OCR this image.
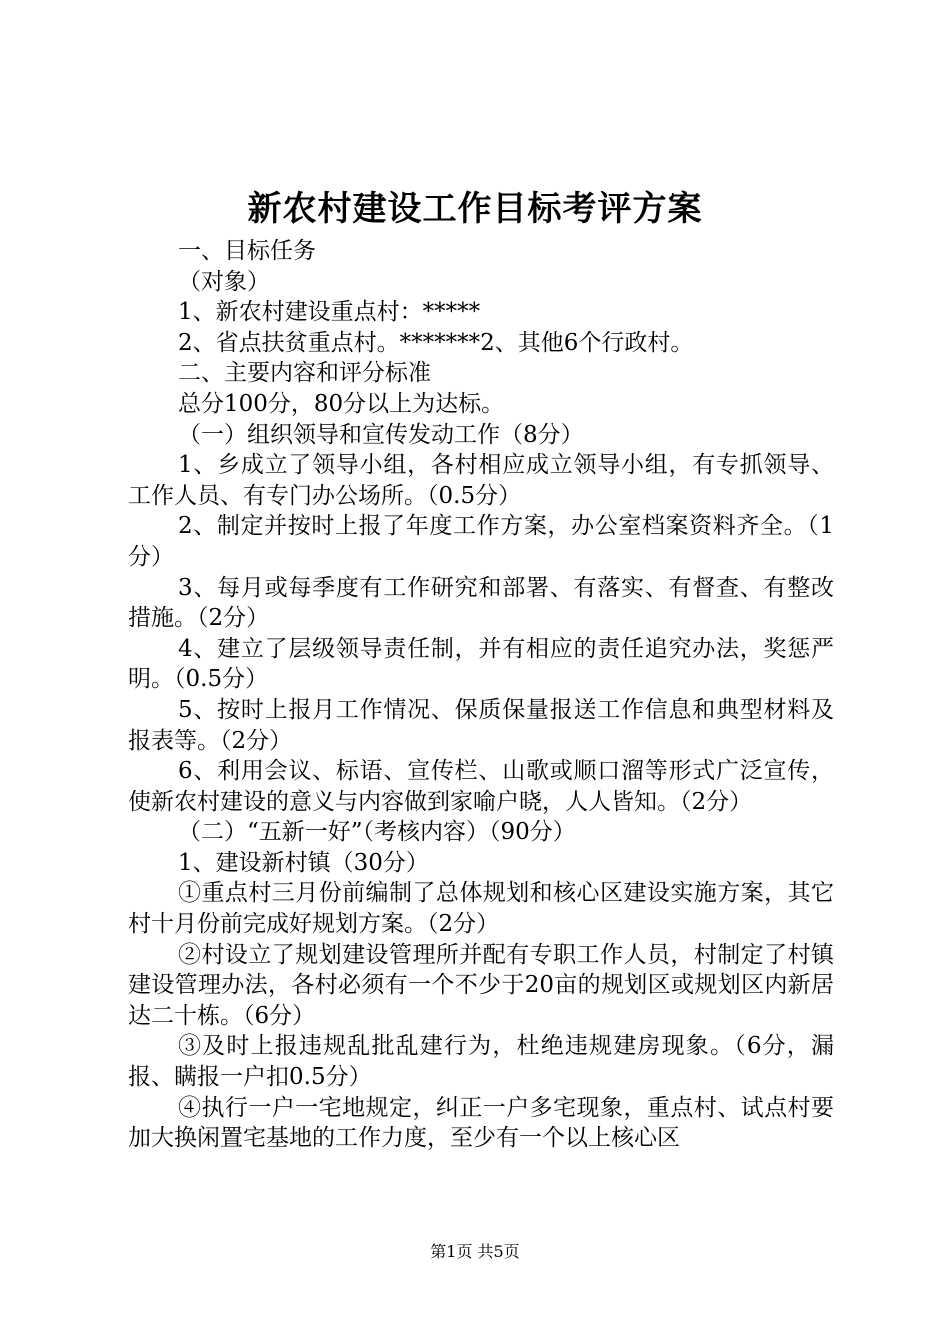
新农村建设工作目标考评方案

一、目标任务

（对象）

1、新农村建设重点村：*****

2、省点扶贫重点村。*******2、其他6个行政村。

二、主要内容和评分标准

总分100分，80分以上为达标。

（一）组织领导和宣传发动工作（8分）

1、乡成立了领导小组，各村相应成立领导小组，有专抓领导、工作人员、有专门办公场所。（0.5分）

2、制定并按时上报了年度工作方案，办公室档案资料齐全。（1分）

3、每月或每季度有工作研究和部署、有落实、有督查、有整改措施。（2分）

4、建立了层级领导责任制，并有相应的责任追究办法，奖惩严明。（0.5分）

5、按时上报月工作情况、保质保量报送工作信息和典型材料及报表等。（2分）

6、利用会议、标语、宣传栏、山歌或顺口溜等形式广泛宣传，使新农村建设的意义与内容做到家喻户晓，人人皆知。（2分）

（二）“五新一好”（考核内容）（90分）

1、建设新村镇（30分）

①重点村三月份前编制了总体规划和核心区建设实施方案，其它村十月份前完成好规划方案。（2分）

②村设立了规划建设管理所并配有专职工作人员，村制定了村镇建设管理办法，各村必须有一个不少于20亩的规划区或规划区内新居达二十栋。（6分）

③及时上报违规乱批乱建行为，杜绝违规建房现象。（6分，漏报、瞒报一户扣0.5分）

④执行一户一宅地规定，纠正一户多宅现象，重点村、试点村要加大换闲置宅基地的工作力度，至少有一个以上核心区

第1页 共5页
